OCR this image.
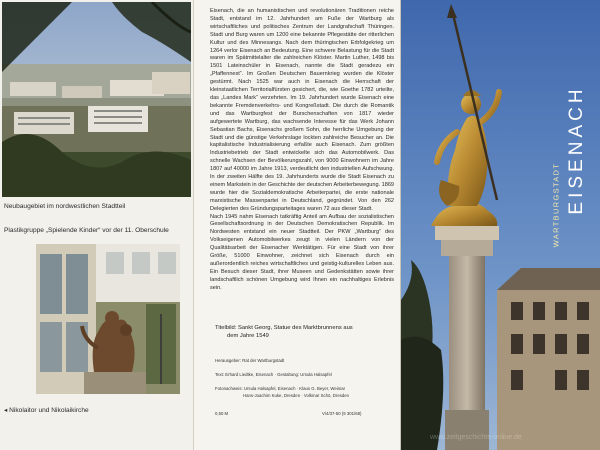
Neubaugebiet im nordwestlichen Stadtteil
Plastikgruppe „Spielende Kinder“ vor der 11. Oberschule
◂ Nikolaitor und Nikolaikirche

Eisenach, die an humanistischen und revolutionären Traditionen reiche Stadt, entstand im 12. Jahrhundert am Fuße der Wartburg als wirtschaftliches und politisches Zentrum der Landgrafschaft Thüringen. Stadt und Burg waren um 1200 eine bekannte Pflegestätte der ritterlichen Kultur und des Minnesangs. Nach dem thüringischen Erbfolgekrieg um 1264 verlor Eisenach an Bedeutung. Eine schwere Belastung für die Stadt waren im Spätmittelalter die zahlreichen Klöster. Martin Luther, 1498 bis 1501 Lateinschüler in Eisenach, nannte die Stadt geradezu ein „Pfaffennest“. Im Großen Deutschen Bauernkrieg wurden die Klöster gestürmt. Nach 1525 war auch in Eisenach die Herrschaft der kleinstaatlichen Territorialfürsten gesichert, die, wie Goethe 1782 urteilte, das „Landes Mark“ verzehrten. Im 19. Jahrhundert wurde Eisenach eine bekannte Fremdenverkehrs- und Kongreßstadt. Die durch die Romantik und das Wartburgfest der Burschenschaften von 1817 wieder aufgewertete Wartburg, das wachsende Interesse für das Werk Johann Sebastian Bachs, Eisenachs großem Sohn, die herrliche Umgebung der Stadt und die günstige Verkehrslage lockten zahlreiche Besucher an. Die kapitalistische Industrialisierung erfaßte auch Eisenach. Zum größten Industriebetrieb der Stadt entwickelte sich das Automobilwerk. Das schnelle Wachsen der Bevölkerungszahl, von 9000 Einwohnern im Jahre 1807 auf 40000 im Jahre 1913, verdeutlicht den industriellen Aufschwung. In der zweiten Hälfte des 19. Jahrhunderts wurde die Stadt Eisenach zu einem Markstein in der Geschichte der deutschen Arbeiterbewegung. 1869 wurde hier die Sozialdemokratische Arbeiterpartei, die erste nationale marxistische Massenpartei in Deutschland, gegründet. Von den 262 Delegierten des Gründungsparteitages waren 72 aus dieser Stadt.

Nach 1945 nahm Eisenach tatkräftig Anteil am Aufbau der sozialistischen Gesellschaftsordnung in der Deutschen Demokratischen Republik. Im Nordwesten entstand ein neuer Stadtteil. Der PKW „Wartburg“ des Volkseigenen Automobilwerkes zeugt in vielen Ländern von der Qualitätsarbeit der Eisenacher Werktätigen. Für eine Stadt von ihrer Größe, 51000 Einwohner, zeichnet sich Eisenach durch ein außerordentlich reiches wirtschaftliches und geistig-kulturelles Leben aus. Ein Besuch dieser Stadt, ihrer Museen und Gedenkstätten sowie ihrer landschaftlich schönen Umgebung wird Ihnen ein nachhaltiges Erlebnis sein.

Titelbild: Sankt Georg, Statue des Marktbrunnens aus
dem Jahre 1549
Herausgeber: Rat der Wartburgstadt
Text: Erhard Liedtke, Eisenach · Gestaltung: Ursula Halsapfel
Fotonachweis: Ursula Halsapfel, Eisenach · Klaus G. Beyer, Weimar
Hans-Joachim Kuke, Dresden · Volkmar Schö, Dresden
0,50 M	V/4/37-50 (9 301/68)
EISENACH
WARTBURGSTADT
www.zeitgeschichte-online.de
